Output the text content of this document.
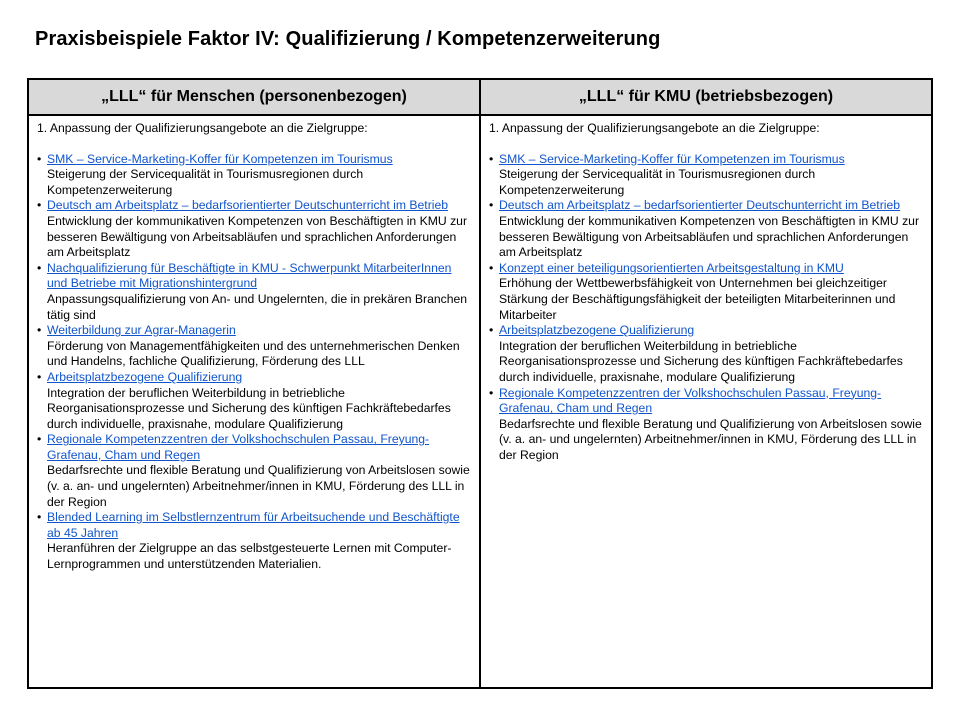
Praxisbeispiele Faktor IV: Qualifizierung / Kompetenzerweiterung
„LLL“ für Menschen (personenbezogen)	„LLL“ für KMU (betriebsbezogen)
1. Anpassung der Qualifizierungsangebote an die Zielgruppe:
• SMK – Service-Marketing-Koffer für Kompetenzen im Tourismus
Steigerung der Servicequalität in Tourismusregionen durch Kompetenzerweiterung
• Deutsch am Arbeitsplatz – bedarfsorientierter Deutschunterricht im Betrieb
Entwicklung der kommunikativen Kompetenzen von Beschäftigten in KMU zur besseren Bewältigung von Arbeitsabläufen und sprachlichen Anforderungen am Arbeitsplatz
• Nachqualifizierung für Beschäftigte in KMU - Schwerpunkt MitarbeiterInnen und Betriebe mit Migrationshintergrund
Anpassungsqualifizierung von An- und Ungelernten, die in prekären Branchen tätig sind
• Weiterbildung zur Agrar-Managerin
Förderung von Managementfähigkeiten und des unternehmerischen Denken und Handelns, fachliche Qualifizierung, Förderung des LLL
• Arbeitsplatzbezogene Qualifizierung
Integration der beruflichen Weiterbildung in betriebliche Reorganisationsprozesse und Sicherung des künftigen Fachkräftebedarfes durch individuelle, praxisnahe, modulare Qualifizierung
• Regionale Kompetenzzentren der Volkshochschulen Passau, Freyung-Grafenau, Cham und Regen
Bedarfsrechte und flexible Beratung und Qualifizierung von Arbeitslosen sowie (v. a. an- und ungelernten) Arbeitnehmer/innen in KMU, Förderung des LLL in der Region
• Blended Learning im Selbstlernzentrum für Arbeitsuchende und Beschäftigte ab 45 Jahren
Heranführen der Zielgruppe an das selbstgesteuerte Lernen mit Computer-Lernprogrammen und unterstützenden Materialien.
1. Anpassung der Qualifizierungsangebote an die Zielgruppe:
• SMK – Service-Marketing-Koffer für Kompetenzen im Tourismus
Steigerung der Servicequalität in Tourismusregionen durch Kompetenzerweiterung
• Deutsch am Arbeitsplatz – bedarfsorientierter Deutschunterricht im Betrieb
Entwicklung der kommunikativen Kompetenzen von Beschäftigten in KMU zur besseren Bewältigung von Arbeitsabläufen und sprachlichen Anforderungen am Arbeitsplatz
• Konzept einer beteiligungsorientierten Arbeitsgestaltung in KMU
Erhöhung der Wettbewerbsfähigkeit von Unternehmen bei gleichzeitiger Stärkung der Beschäftigungsfähigkeit der beteiligten Mitarbeiterinnen und Mitarbeiter
• Arbeitsplatzbezogene Qualifizierung
Integration der beruflichen Weiterbildung in betriebliche Reorganisationsprozesse und Sicherung des künftigen Fachkräftebedarfes durch individuelle, praxisnahe, modulare Qualifizierung
• Regionale Kompetenzzentren der Volkshochschulen Passau, Freyung-Grafenau, Cham und Regen
Bedarfsrechte und flexible Beratung und Qualifizierung von Arbeitslosen sowie (v. a. an- und ungelernten) Arbeitnehmer/innen in KMU, Förderung des LLL in der Region
